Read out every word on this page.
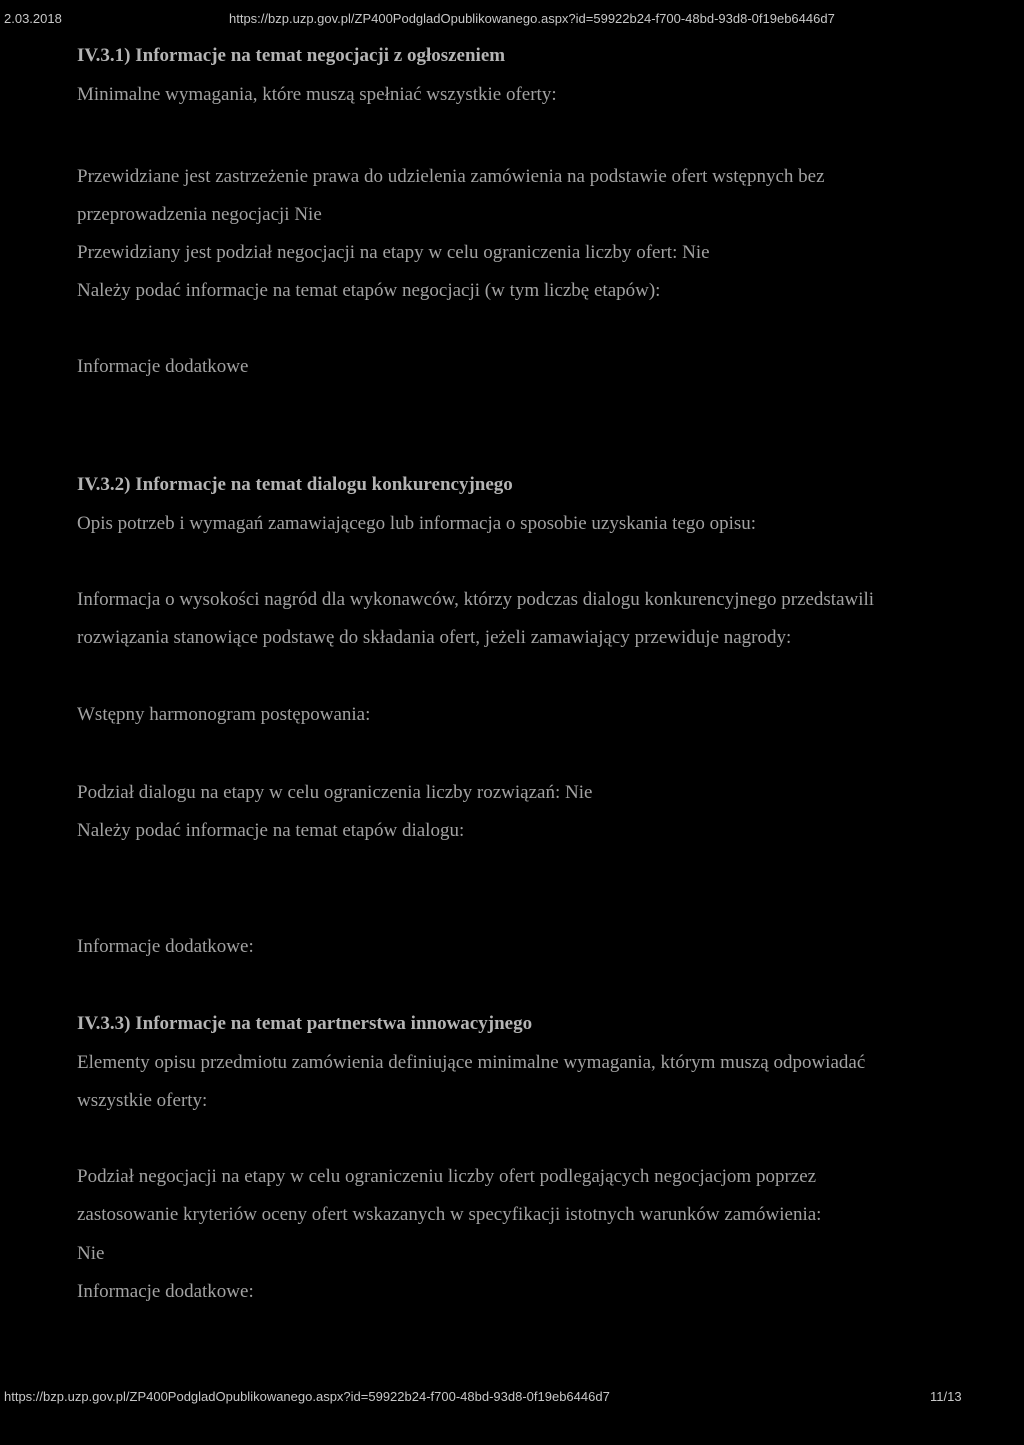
2.03.2018	https://bzp.uzp.gov.pl/ZP400PodgladOpublikowanego.aspx?id=59922b24-f700-48bd-93d8-0f19eb6446d7
IV.3.1) Informacje na temat negocjacji z ogłoszeniem
Minimalne wymagania, które muszą spełniać wszystkie oferty:
Przewidziane jest zastrzeżenie prawa do udzielenia zamówienia na podstawie ofert wstępnych bez
przeprowadzenia negocjacji Nie
Przewidziany jest podział negocjacji na etapy w celu ograniczenia liczby ofert: Nie
Należy podać informacje na temat etapów negocjacji (w tym liczbę etapów):
Informacje dodatkowe
IV.3.2) Informacje na temat dialogu konkurencyjnego
Opis potrzeb i wymagań zamawiającego lub informacja o sposobie uzyskania tego opisu:
Informacja o wysokości nagród dla wykonawców, którzy podczas dialogu konkurencyjnego przedstawili
rozwiązania stanowiące podstawę do składania ofert, jeżeli zamawiający przewiduje nagrody:
Wstępny harmonogram postępowania:
Podział dialogu na etapy w celu ograniczenia liczby rozwiązań: Nie
Należy podać informacje na temat etapów dialogu:
Informacje dodatkowe:
IV.3.3) Informacje na temat partnerstwa innowacyjnego
Elementy opisu przedmiotu zamówienia definiujące minimalne wymagania, którym muszą odpowiadać
wszystkie oferty:
Podział negocjacji na etapy w celu ograniczeniu liczby ofert podlegających negocjacjom poprzez
zastosowanie kryteriów oceny ofert wskazanych w specyfikacji istotnych warunków zamówienia:
Nie
Informacje dodatkowe:
https://bzp.uzp.gov.pl/ZP400PodgladOpublikowanego.aspx?id=59922b24-f700-48bd-93d8-0f19eb6446d7	11/13
